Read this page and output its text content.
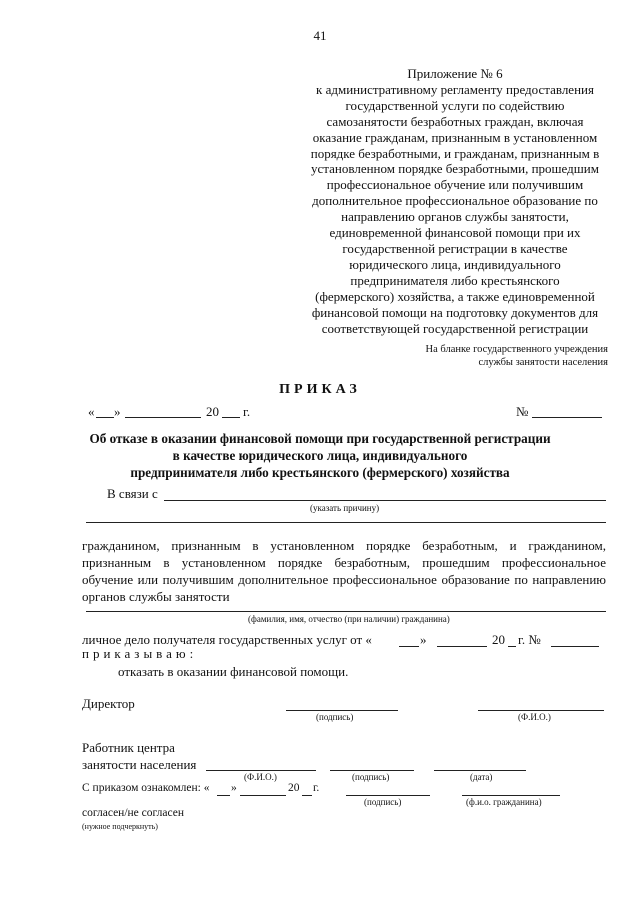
41
Приложение № 6
к административному регламенту предоставления
государственной услуги по содействию
самозанятости безработных граждан, включая
оказание гражданам, признанным в установленном
порядке безработными, и гражданам, признанным в
установленном порядке безработными, прошедшим
профессиональное обучение или получившим
дополнительное профессиональное образование по
направлению органов службы занятости,
единовременной финансовой помощи при их
государственной регистрации в качестве
юридического лица, индивидуального
предпринимателя либо крестьянского
(фермерского) хозяйства, а также единовременной
финансовой помощи на подготовку документов для
соответствующей государственной регистрации
На бланке государственного учреждения
службы занятости населения
ПРИКАЗ
« »	20 г.	№
Об отказе в оказании финансовой помощи при государственной регистрации
в качестве юридического лица, индивидуального
предпринимателя либо крестьянского (фермерского) хозяйства
В связи с
(указать причину)
гражданином, признанным в установленном порядке безработным, и гражданином, признанным в установленном порядке безработным, прошедшим профессиональное обучение или получившим дополнительное профессиональное образование по направлению органов службы занятости
(фамилия, имя, отчество (при наличии) гражданина)
личное дело получателя государственных услуг от «	»	20 г. №
приказываю:
отказать в оказании финансовой помощи.
Директор
(подпись)	(Ф.И.О.)
Работник центра
занятости населения
(Ф.И.О.)	(подпись)	(дата)
С приказом ознакомлен: « »	20 г.
(подпись)	(ф.и.о. гражданина)
согласен/не согласен
(нужное подчеркнуть)
